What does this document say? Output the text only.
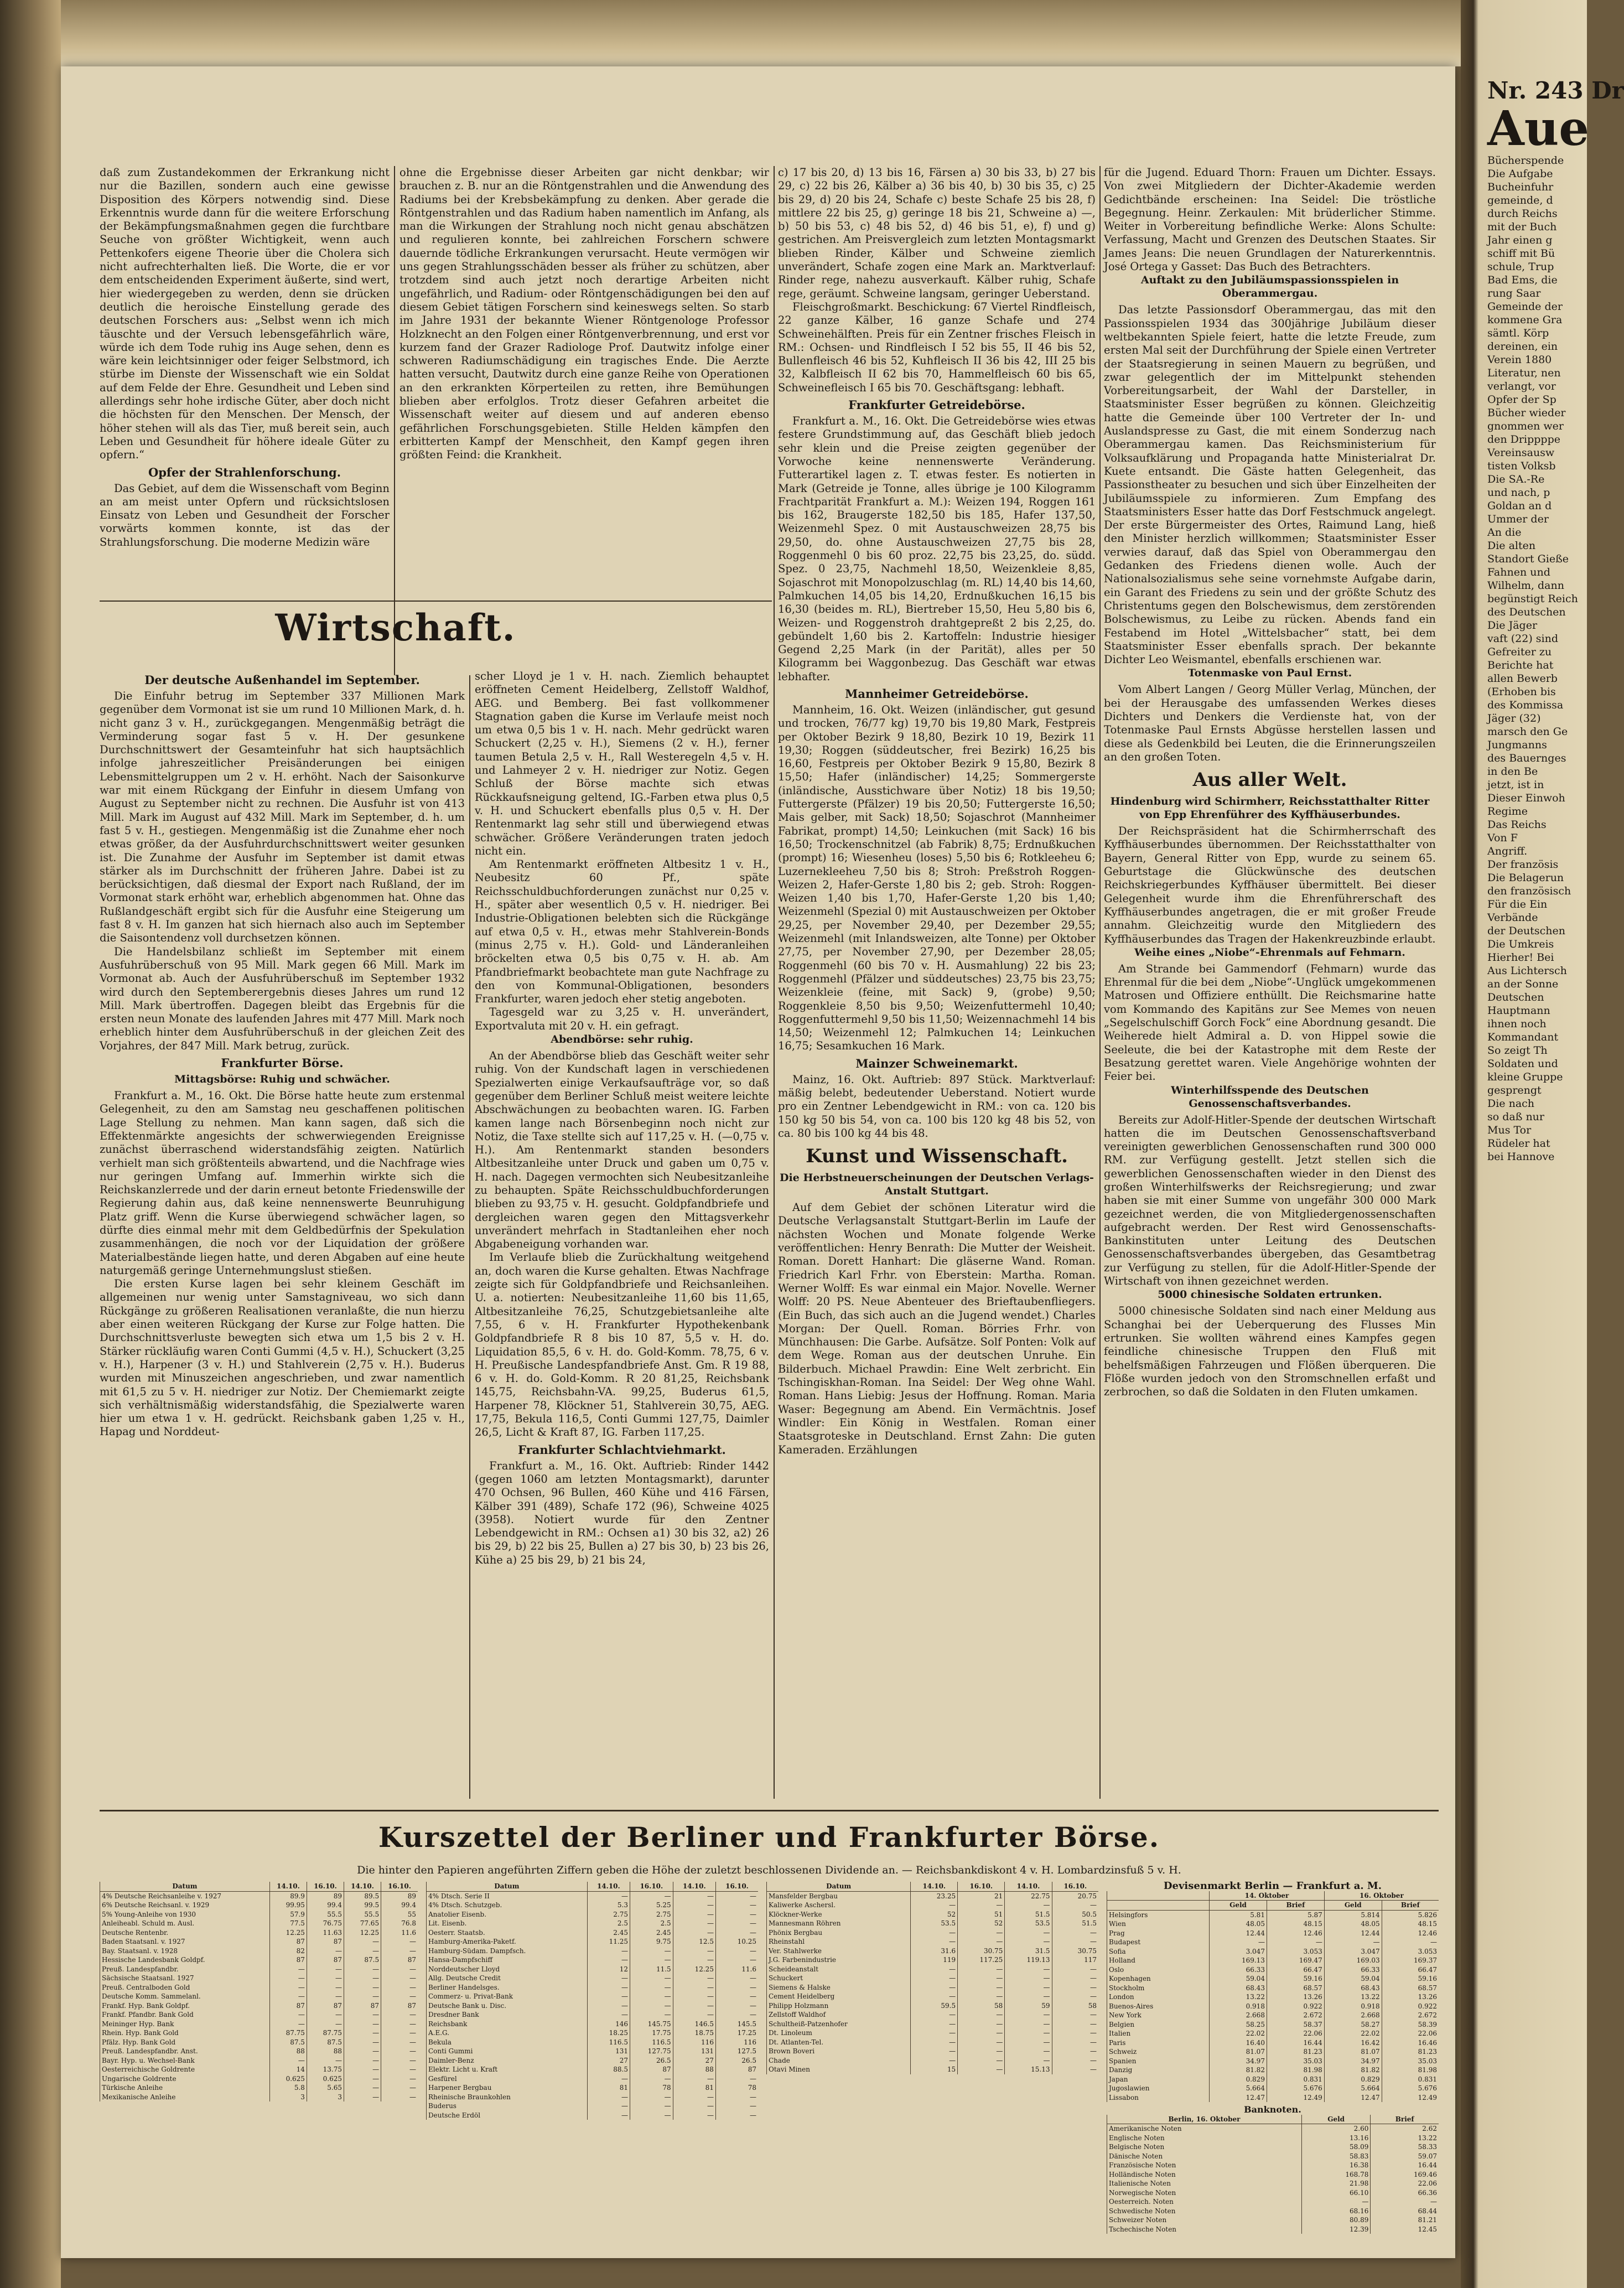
daß zum Zustandekommen der Erkrankung nicht nur die Bazillen, sondern auch eine gewisse Disposition des Körpers notwendig sind. Diese Erkenntnis wurde dann für die weitere Erforschung der Bekämpfungsmaßnahmen gegen die furchtbare Seuche von größter Wichtigkeit, wenn auch Pettenkofers eigene Theorie über die Cholera sich nicht aufrechterhalten ließ. Die Worte, die er vor dem entscheidenden Experiment äußerte, sind wert, hier wiedergegeben zu werden, denn sie drücken deutlich die heroische Einstellung gerade des deutschen Forschers aus: „Selbst wenn ich mich täuschte und der Versuch lebensgefährlich wäre, würde ich dem Tode ruhig ins Auge sehen, denn es wäre kein leichtsinniger oder feiger Selbstmord, ich stürbe im Dienste der Wissenschaft wie ein Soldat auf dem Felde der Ehre. Gesundheit und Leben sind allerdings sehr hohe irdische Güter, aber doch nicht die höchsten für den Menschen. Der Mensch, der höher stehen will als das Tier, muß bereit sein, auch Leben und Gesundheit für höhere ideale Güter zu opfern.“

Opfer der Strahlenforschung.

Das Gebiet, auf dem die Wissenschaft vom Beginn an am meist unter Opfern und rücksichtslosen Einsatz von Leben und Gesundheit der Forscher vorwärts kommen konnte, ist das der Strahlungsforschung. Die moderne Medizin wäre

ohne die Ergebnisse dieser Arbeiten gar nicht denkbar; wir brauchen z. B. nur an die Röntgenstrahlen und die Anwendung des Radiums bei der Krebsbekämpfung zu denken. Aber gerade die Röntgenstrahlen und das Radium haben namentlich im Anfang, als man die Wirkungen der Strahlung noch nicht genau abschätzen und regulieren konnte, bei zahlreichen Forschern schwere dauernde tödliche Erkrankungen verursacht. Heute vermögen wir uns gegen Strahlungsschäden besser als früher zu schützen, aber trotzdem sind auch jetzt noch derartige Arbeiten nicht ungefährlich, und Radium- oder Röntgenschädigungen bei den auf diesem Gebiet tätigen Forschern sind keineswegs selten. So starb im Jahre 1931 der bekannte Wiener Röntgenologe Professor Holzknecht an den Folgen einer Röntgenverbrennung, und erst vor kurzem fand der Grazer Radiologe Prof. Dautwitz infolge einer schweren Radiumschädigung ein tragisches Ende. Die Aerzte hatten versucht, Dautwitz durch eine ganze Reihe von Operationen an den erkrankten Körperteilen zu retten, ihre Bemühungen blieben aber erfolglos. Trotz dieser Gefahren arbeitet die Wissenschaft weiter auf diesem und auf anderen ebenso gefährlichen Forschungsgebieten. Stille Helden kämpfen den erbitterten Kampf der Menschheit, den Kampf gegen ihren größten Feind: die Krankheit.

Wirtschaft.
Der deutsche Außenhandel im September.

Die Einfuhr betrug im September 337 Millionen Mark gegenüber dem Vormonat ist sie um rund 10 Millionen Mark, d. h. nicht ganz 3 v. H., zurückgegangen. Mengenmäßig beträgt die Verminderung sogar fast 5 v. H. Der gesunkene Durchschnittswert der Gesamteinfuhr hat sich hauptsächlich infolge jahreszeitlicher Preisänderungen bei einigen Lebensmittelgruppen um 2 v. H. erhöht. Nach der Saisonkurve war mit einem Rückgang der Einfuhr in diesem Umfang von August zu September nicht zu rechnen. Die Ausfuhr ist von 413 Mill. Mark im August auf 432 Mill. Mark im September, d. h. um fast 5 v. H., gestiegen. Mengenmäßig ist die Zunahme eher noch etwas größer, da der Ausfuhrdurchschnittswert weiter gesunken ist. Die Zunahme der Ausfuhr im September ist damit etwas stärker als im Durchschnitt der früheren Jahre. Dabei ist zu berücksichtigen, daß diesmal der Export nach Rußland, der im Vormonat stark erhöht war, erheblich abgenommen hat. Ohne das Rußlandgeschäft ergibt sich für die Ausfuhr eine Steigerung um fast 8 v. H. Im ganzen hat sich hiernach also auch im September die Saisontendenz voll durchsetzen können.

Die Handelsbilanz schließt im September mit einem Ausfuhrüberschuß von 95 Mill. Mark gegen 66 Mill. Mark im Vormonat ab. Auch der Ausfuhrüberschuß im September 1932 wird durch den Septemberergebnis dieses Jahres um rund 12 Mill. Mark übertroffen. Dagegen bleibt das Ergebnis für die ersten neun Monate des laufenden Jahres mit 477 Mill. Mark noch erheblich hinter dem Ausfuhrüberschuß in der gleichen Zeit des Vorjahres, der 847 Mill. Mark betrug, zurück.

Frankfurter Börse.
Mittagsbörse: Ruhig und schwächer.

Frankfurt a. M., 16. Okt. Die Börse hatte heute zum erstenmal Gelegenheit, zu den am Samstag neu geschaffenen politischen Lage Stellung zu nehmen. Man kann sagen, daß sich die Effektenmärkte angesichts der schwerwiegenden Ereignisse zunächst überraschend widerstandsfähig zeigten. Natürlich verhielt man sich größtenteils abwartend, und die Nachfrage wies nur geringen Umfang auf. Immerhin wirkte sich die Reichskanzlerrede und der darin erneut betonte Friedenswille der Regierung dahin aus, daß keine nennenswerte Beunruhigung Platz griff. Wenn die Kurse überwiegend schwächer lagen, so dürfte dies einmal mehr mit dem Geldbedürfnis der Spekulation zusammenhängen, die noch vor der Liquidation der größere Materialbestände liegen hatte, und deren Abgaben auf eine heute naturgemäß geringe Unternehmungslust stießen.

Die ersten Kurse lagen bei sehr kleinem Geschäft im allgemeinen nur wenig unter Samstagniveau, wo sich dann Rückgänge zu größeren Realisationen veranlaßte, die nun hierzu aber einen weiteren Rückgang der Kurse zur Folge hatten. Die Durchschnittsverluste bewegten sich etwa um 1,5 bis 2 v. H. Stärker rückläufig waren Conti Gummi (4,5 v. H.), Schuckert (3,25 v. H.), Harpener (3 v. H.) und Stahlverein (2,75 v. H.). Buderus wurden mit Minuszeichen angeschrieben, und zwar namentlich mit 61,5 zu 5 v. H. niedriger zur Notiz. Der Chemiemarkt zeigte sich verhältnismäßig widerstandsfähig, die Spezialwerte waren hier um etwa 1 v. H. gedrückt. Reichsbank gaben 1,25 v. H., Hapag und Norddeut-

scher Lloyd je 1 v. H. nach. Ziemlich behauptet eröffneten Cement Heidelberg, Zellstoff Waldhof, AEG. und Bemberg. Bei fast vollkommener Stagnation gaben die Kurse im Verlaufe meist noch um etwa 0,5 bis 1 v. H. nach. Mehr gedrückt waren Schuckert (2,25 v. H.), Siemens (2 v. H.), ferner taumen Betula 2,5 v. H., Rall Westeregeln 4,5 v. H. und Lahmeyer 2 v. H. niedriger zur Notiz. Gegen Schluß der Börse machte sich etwas Rückkaufsneigung geltend, IG.-Farben etwa plus 0,5 v. H. und Schuckert ebenfalls plus 0,5 v. H. Der Rentenmarkt lag sehr still und überwiegend etwas schwächer. Größere Veränderungen traten jedoch nicht ein.

Am Rentenmarkt eröffneten Altbesitz 1 v. H., Neubesitz 60 Pf., späte Reichsschuldbuchforderungen zunächst nur 0,25 v. H., später aber wesentlich 0,5 v. H. niedriger. Bei Industrie-Obligationen belebten sich die Rückgänge auf etwa 0,5 v. H., etwas mehr Stahlverein-Bonds (minus 2,75 v. H.). Gold- und Länderanleihen bröckelten etwa 0,5 bis 0,75 v. H. ab. Am Pfandbriefmarkt beobachtete man gute Nachfrage zu den von Kommunal-Obligationen, besonders Frankfurter, waren jedoch eher stetig angeboten.

Tagesgeld war zu 3,25 v. H. unverändert, Exportvaluta mit 20 v. H. ein gefragt.

Abendbörse: sehr ruhig.

An der Abendbörse blieb das Geschäft weiter sehr ruhig. Von der Kundschaft lagen in verschiedenen Spezialwerten einige Verkaufsaufträge vor, so daß gegenüber dem Berliner Schluß meist weitere leichte Abschwächungen zu beobachten waren. IG. Farben kamen lange nach Börsenbeginn noch nicht zur Notiz, die Taxe stellte sich auf 117,25 v. H. (—0,75 v. H.). Am Rentenmarkt standen besonders Altbesitzanleihe unter Druck und gaben um 0,75 v. H. nach. Dagegen vermochten sich Neubesitzanleihe zu behaupten. Späte Reichsschuldbuchforderungen blieben zu 93,75 v. H. gesucht. Goldpfandbriefe und dergleichen waren gegen den Mittagsverkehr unverändert mehrfach in Stadtanleihen eher noch Abgabeneigung vorhanden war.

Im Verlaufe blieb die Zurückhaltung weitgehend an, doch waren die Kurse gehalten. Etwas Nachfrage zeigte sich für Goldpfandbriefe und Reichsanleihen. U. a. notierten: Neubesitzanleihe 11,60 bis 11,65, Altbesitzanleihe 76,25, Schutzgebietsanleihe alte 7,55, 6 v. H. Frankfurter Hypothekenbank Goldpfandbriefe R 8 bis 10 87, 5,5 v. H. do. Liquidation 85,5, 6 v. H. do. Gold-Komm. 78,75, 6 v. H. Preußische Landespfandbriefe Anst. Gm. R 19 88, 6 v. H. do. Gold-Komm. R 20 81,25, Reichsbank 145,75, Reichsbahn-VA. 99,25, Buderus 61,5, Harpener 78, Klöckner 51, Stahlverein 30,75, AEG. 17,75, Bekula 116,5, Conti Gummi 127,75, Daimler 26,5, Licht & Kraft 87, IG. Farben 117,25.

Frankfurter Schlachtviehmarkt.

Frankfurt a. M., 16. Okt. Auftrieb: Rinder 1442 (gegen 1060 am letzten Montagsmarkt), darunter 470 Ochsen, 96 Bullen, 460 Kühe und 416 Färsen, Kälber 391 (489), Schafe 172 (96), Schweine 4025 (3958). Notiert wurde für den Zentner Lebendgewicht in RM.: Ochsen a1) 30 bis 32, a2) 26 bis 29, b) 22 bis 25, Bullen a) 27 bis 30, b) 23 bis 26, Kühe a) 25 bis 29, b) 21 bis 24,

c) 17 bis 20, d) 13 bis 16, Färsen a) 30 bis 33, b) 27 bis 29, c) 22 bis 26, Kälber a) 36 bis 40, b) 30 bis 35, c) 25 bis 29, d) 20 bis 24, Schafe c) beste Schafe 25 bis 28, f) mittlere 22 bis 25, g) geringe 18 bis 21, Schweine a) —, b) 50 bis 53, c) 48 bis 52, d) 46 bis 51, e), f) und g) gestrichen. Am Preisvergleich zum letzten Montagsmarkt blieben Rinder, Kälber und Schweine ziemlich unverändert, Schafe zogen eine Mark an. Marktverlauf: Rinder rege, nahezu ausverkauft. Kälber ruhig, Schafe rege, geräumt. Schweine langsam, geringer Ueberstand.

Fleischgroßmarkt. Beschickung: 67 Viertel Rindfleisch, 22 ganze Kälber, 16 ganze Schafe und 274 Schweinehälften. Preis für ein Zentner frisches Fleisch in RM.: Ochsen- und Rindfleisch I 52 bis 55, II 46 bis 52, Bullenfleisch 46 bis 52, Kuhfleisch II 36 bis 42, III 25 bis 32, Kalbfleisch II 62 bis 70, Hammelfleisch 60 bis 65, Schweinefleisch I 65 bis 70. Geschäftsgang: lebhaft.

Frankfurter Getreidebörse.

Frankfurt a. M., 16. Okt. Die Getreidebörse wies etwas festere Grundstimmung auf, das Geschäft blieb jedoch sehr klein und die Preise zeigten gegenüber der Vorwoche keine nennenswerte Veränderung. Futterartikel lagen z. T. etwas fester. Es notierten in Mark (Getreide je Tonne, alles übrige je 100 Kilogramm Frachtparität Frankfurt a. M.): Weizen 194, Roggen 161 bis 162, Braugerste 182,50 bis 185, Hafer 137,50, Weizenmehl Spez. 0 mit Austauschweizen 28,75 bis 29,50, do. ohne Austauschweizen 27,75 bis 28, Roggenmehl 0 bis 60 proz. 22,75 bis 23,25, do. südd. Spez. 0 23,75, Nachmehl 18,50, Weizenkleie 8,85, Sojaschrot mit Monopolzuschlag (m. RL) 14,40 bis 14,60, Palmkuchen 14,05 bis 14,20, Erdnußkuchen 16,15 bis 16,30 (beides m. RL), Biertreber 15,50, Heu 5,80 bis 6, Weizen- und Roggenstroh drahtgepreßt 2 bis 2,25, do. gebündelt 1,60 bis 2. Kartoffeln: Industrie hiesiger Gegend 2,25 Mark (in der Parität), alles per 50 Kilogramm bei Waggonbezug. Das Geschäft war etwas lebhafter.

Mannheimer Getreidebörse.

Mannheim, 16. Okt. Weizen (inländischer, gut gesund und trocken, 76/77 kg) 19,70 bis 19,80 Mark, Festpreis per Oktober Bezirk 9 18,80, Bezirk 10 19, Bezirk 11 19,30; Roggen (süddeutscher, frei Bezirk) 16,25 bis 16,60, Festpreis per Oktober Bezirk 9 15,80, Bezirk 8 15,50; Hafer (inländischer) 14,25; Sommergerste (inländische, Ausstichware über Notiz) 18 bis 19,50; Futtergerste (Pfälzer) 19 bis 20,50; Futtergerste 16,50; Mais gelber, mit Sack) 18,50; Sojaschrot (Mannheimer Fabrikat, prompt) 14,50; Leinkuchen (mit Sack) 16 bis 16,50; Trockenschnitzel (ab Fabrik) 8,75; Erdnußkuchen (prompt) 16; Wiesenheu (loses) 5,50 bis 6; Rotkleeheu 6; Luzernekleeheu 7,50 bis 8; Stroh: Preßstroh Roggen-Weizen 2, Hafer-Gerste 1,80 bis 2; geb. Stroh: Roggen-Weizen 1,40 bis 1,70, Hafer-Gerste 1,20 bis 1,40; Weizenmehl (Spezial 0) mit Austauschweizen per Oktober 29,25, per November 29,40, per Dezember 29,55; Weizenmehl (mit Inlandsweizen, alte Tonne) per Oktober 27,75, per November 27,90, per Dezember 28,05; Roggenmehl (60 bis 70 v. H. Ausmahlung) 22 bis 23; Roggenmehl (Pfälzer und süddeutsches) 23,75 bis 23,75; Weizenkleie (feine, mit Sack) 9, (grobe) 9,50; Roggenkleie 8,50 bis 9,50; Weizenfuttermehl 10,40; Roggenfuttermehl 9,50 bis 11,50; Weizennachmehl 14 bis 14,50; Weizenmehl 12; Palmkuchen 14; Leinkuchen 16,75; Sesamkuchen 16 Mark.

Mainzer Schweinemarkt.

Mainz, 16. Okt. Auftrieb: 897 Stück. Marktverlauf: mäßig belebt, bedeutender Ueberstand. Notiert wurde pro ein Zentner Lebendgewicht in RM.: von ca. 120 bis 150 kg 50 bis 54, von ca. 100 bis 120 kg 48 bis 52, von ca. 80 bis 100 kg 44 bis 48.

Kunst und Wissenschaft.
Die Herbstneuerscheinungen der Deutschen Verlags-Anstalt Stuttgart.

Auf dem Gebiet der schönen Literatur wird die Deutsche Verlagsanstalt Stuttgart-Berlin im Laufe der nächsten Wochen und Monate folgende Werke veröffentlichen: Henry Benrath: Die Mutter der Weisheit. Roman. Dorett Hanhart: Die gläserne Wand. Roman. Friedrich Karl Frhr. von Eberstein: Martha. Roman. Werner Wolff: Es war einmal ein Major. Novelle. Werner Wolff: 20 PS. Neue Abenteuer des Brieftaubenfliegers. (Ein Buch, das sich auch an die Jugend wendet.) Charles Morgan: Der Quell. Roman. Börries Frhr. von Münchhausen: Die Garbe. Aufsätze. Solf Ponten: Volk auf dem Wege. Roman aus der deutschen Unruhe. Ein Bilderbuch. Michael Prawdin: Eine Welt zerbricht. Ein Tschingiskhan-Roman. Ina Seidel: Der Weg ohne Wahl. Roman. Hans Liebig: Jesus der Hoffnung. Roman. Maria Waser: Begegnung am Abend. Ein Vermächtnis. Josef Windler: Ein König in Westfalen. Roman einer Staatsgroteske in Deutschland. Ernst Zahn: Die guten Kameraden. Erzählungen

für die Jugend. Eduard Thorn: Frauen um Dichter. Essays. Von zwei Mitgliedern der Dichter-Akademie werden Gedichtbände erscheinen: Ina Seidel: Die tröstliche Begegnung. Heinr. Zerkaulen: Mit brüderlicher Stimme. Weiter in Vorbereitung befindliche Werke: Alons Schulte: Verfassung, Macht und Grenzen des Deutschen Staates. Sir James Jeans: Die neuen Grundlagen der Naturerkenntnis. José Ortega y Gasset: Das Buch des Betrachters.

Auftakt zu den Jubiläumspassionsspielen in Oberammergau.

Das letzte Passionsdorf Oberammergau, das mit den Passionsspielen 1934 das 300jährige Jubiläum dieser weltbekannten Spiele feiert, hatte die letzte Freude, zum ersten Mal seit der Durchführung der Spiele einen Vertreter der Staatsregierung in seinen Mauern zu begrüßen, und zwar gelegentlich der im Mittelpunkt stehenden Vorbereitungsarbeit, der Wahl der Darsteller, in Staatsminister Esser begrüßen zu können. Gleichzeitig hatte die Gemeinde über 100 Vertreter der In- und Auslandspresse zu Gast, die mit einem Sonderzug nach Oberammergau kamen. Das Reichsministerium für Volksaufklärung und Propaganda hatte Ministerialrat Dr. Kuete entsandt. Die Gäste hatten Gelegenheit, das Passionstheater zu besuchen und sich über Einzelheiten der Jubiläumsspiele zu informieren. Zum Empfang des Staatsministers Esser hatte das Dorf Festschmuck angelegt. Der erste Bürgermeister des Ortes, Raimund Lang, hieß den Minister herzlich willkommen; Staatsminister Esser verwies darauf, daß das Spiel von Oberammergau den Gedanken des Friedens dienen wolle. Auch der Nationalsozialismus sehe seine vornehmste Aufgabe darin, ein Garant des Friedens zu sein und der größte Schutz des Christentums gegen den Bolschewismus, dem zerstörenden Bolschewismus, zu Leibe zu rücken. Abends fand ein Festabend im Hotel „Wittelsbacher“ statt, bei dem Staatsminister Esser ebenfalls sprach. Der bekannte Dichter Leo Weismantel, ebenfalls erschienen war.

Totenmaske von Paul Ernst.

Vom Albert Langen / Georg Müller Verlag, München, der bei der Herausgabe des umfassenden Werkes dieses Dichters und Denkers die Verdienste hat, von der Totenmaske Paul Ernsts Abgüsse herstellen lassen und diese als Gedenkbild bei Leuten, die die Erinnerungszeilen an den großen Toten.

Aus aller Welt.
Hindenburg wird Schirmherr, Reichsstatthalter Ritter von Epp Ehrenführer des Kyffhäuserbundes.

Der Reichspräsident hat die Schirmherrschaft des Kyffhäuserbundes übernommen. Der Reichsstatthalter von Bayern, General Ritter von Epp, wurde zu seinem 65. Geburtstage die Glückwünsche des deutschen Reichskriegerbundes Kyffhäuser übermittelt. Bei dieser Gelegenheit wurde ihm die Ehrenführerschaft des Kyffhäuserbundes angetragen, die er mit großer Freude annahm. Gleichzeitig wurde den Mitgliedern des Kyffhäuserbundes das Tragen der Hakenkreuzbinde erlaubt.

Weihe eines „Niobe“-Ehrenmals auf Fehmarn.

Am Strande bei Gammendorf (Fehmarn) wurde das Ehrenmal für die bei dem „Niobe“-Unglück umgekommenen Matrosen und Offiziere enthüllt. Die Reichsmarine hatte vom Kommando des Kapitäns zur See Memes von neuen „Segelschulschiff Gorch Fock“ eine Abordnung gesandt. Die Weiherede hielt Admiral a. D. von Hippel sowie die Seeleute, die bei der Katastrophe mit dem Reste der Besatzung gerettet waren. Viele Angehörige wohnten der Feier bei.

Winterhilfsspende des Deutschen Genossenschaftsverbandes.

Bereits zur Adolf-Hitler-Spende der deutschen Wirtschaft hatten die im Deutschen Genossenschaftsverband vereinigten gewerblichen Genossenschaften rund 300 000 RM. zur Verfügung gestellt. Jetzt stellen sich die gewerblichen Genossenschaften wieder in den Dienst des großen Winterhilfswerks der Reichsregierung; und zwar haben sie mit einer Summe von ungefähr 300 000 Mark gezeichnet werden, die von Mitgliedergenossenschaften aufgebracht werden. Der Rest wird Genossenschafts-Bankinstituten unter Leitung des Deutschen Genossenschaftsverbandes übergeben, das Gesamtbetrag zur Verfügung zu stellen, für die Adolf-Hitler-Spende der Wirtschaft von ihnen gezeichnet werden.

5000 chinesische Soldaten ertrunken.

5000 chinesische Soldaten sind nach einer Meldung aus Schanghai bei der Ueberquerung des Flusses Min ertrunken. Sie wollten während eines Kampfes gegen feindliche chinesische Truppen den Fluß mit behelfsmäßigen Fahrzeugen und Flößen überqueren. Die Flöße wurden jedoch von den Stromschnellen erfaßt und zerbrochen, so daß die Soldaten in den Fluten umkamen.

Kurszettel der Berliner und Frankfurter Börse.
Die hinter den Papieren angeführten Ziffern geben die Höhe der zuletzt beschlossenen Dividende an. — Reichsbankdiskont 4 v. H. Lombardzinsfuß 5 v. H.
Datum	14.10.	16.10.	14.10.	16.10.
4% Deutsche Reichsanleihe v. 1927	89.9	89	89.5	89
6% Deutsche Reichsanl. v. 1929	99.95	99.4	99.5	99.4
5% Young-Anleihe von 1930	57.9	55.5	55.5	55
Anleiheabl. Schuld m. Ausl.	77.5	76.75	77.65	76.8
Deutsche Rentenbr.	12.25	11.63	12.25	11.6
Baden Staatsanl. v. 1927	87	87	—	—
Bay. Staatsanl. v. 1928	82	—	—	—
Hessische Landesbank Goldpf.	87	87	87.5	87
Preuß. Landespfandbr.	—	—	—	—
Sächsische Staatsanl. 1927	—	—	—	—
Preuß. Centralboden Gold	—	—	—	—
Deutsche Komm. Sammelanl.	—	—	—	—
Frankf. Hyp. Bank Goldpf.	87	87	87	87
Frankf. Pfandbr. Bank Gold	—	—	—	—
Meininger Hyp. Bank	—	—	—	—
Rhein. Hyp. Bank Gold	87.75	87.75	—	—
Pfälz. Hyp. Bank Gold	87.5	87.5	—	—
Preuß. Landespfandbr. Anst.	88	88	—	—
Bayr. Hyp. u. Wechsel-Bank	—	—	—	—
Oesterreichische Goldrente	14	13.75	—	—
Ungarische Goldrente	0.625	0.625	—	—
Türkische Anleihe	5.8	5.65	—	—
Mexikanische Anleihe	3	3	—	—
Datum	14.10.	16.10.	14.10.	16.10.
4% Dtsch. Serie II	—	—	—	—
4% Dtsch. Schutzgeb.	5.3	5.25	—	—
Anatolier Eisenb.	2.75	2.75	—	—
Lit. Eisenb.	2.5	2.5	—	—
Oesterr. Staatsb.	2.45	2.45	—	—
Hamburg-Amerika-Paketf.	11.25	9.75	12.5	10.25
Hamburg-Südam. Dampfsch.	—	—	—	—
Hansa-Dampfschiff	—	—	—	—
Norddeutscher Lloyd	12	11.5	12.25	11.6
Allg. Deutsche Credit	—	—	—	—
Berliner Handelsges.	—	—	—	—
Commerz- u. Privat-Bank	—	—	—	—
Deutsche Bank u. Disc.	—	—	—	—
Dresdner Bank	—	—	—	—
Reichsbank	146	145.75	146.5	145.5
A.E.G.	18.25	17.75	18.75	17.25
Bekula	116.5	116.5	116	116
Conti Gummi	131	127.75	131	127.5
Daimler-Benz	27	26.5	27	26.5
Elektr. Licht u. Kraft	88.5	87	88	87
Gesfürel	—	—	—	—
Harpener Bergbau	81	78	81	78
Rheinische Braunkohlen	—	—	—	—
Buderus	—	—	—	—
Deutsche Erdöl	—	—	—	—
Datum	14.10.	16.10.	14.10.	16.10.
Mansfelder Bergbau	23.25	21	22.75	20.75
Kaliwerke Aschersl.	—	—	—	—
Klöckner-Werke	52	51	51.5	50.5
Mannesmann Röhren	53.5	52	53.5	51.5
Phönix Bergbau	—	—	—	—
Rheinstahl	—	—	—	—
Ver. Stahlwerke	31.6	30.75	31.5	30.75
J.G. Farbenindustrie	119	117.25	119.13	117
Scheideanstalt	—	—	—	—
Schuckert	—	—	—	—
Siemens & Halske	—	—	—	—
Cement Heidelberg	—	—	—	—
Philipp Holzmann	59.5	58	59	58
Zellstoff Waldhof	—	—	—	—
Schultheiß-Patzenhofer	—	—	—	—
Dt. Linoleum	—	—	—	—
Dt. Atlanten-Tel.	—	—	—	—
Brown Boveri	—	—	—	—
Chade	—	—	—	—
Otavi Minen	15	—	15.13	—
Devisenmarkt Berlin — Frankfurt a. M.
	14. Oktober		16. Oktober	
	Geld	Brief	Geld	Brief
Helsingfors	5.81	5.87	5.814	5.826
Wien	48.05	48.15	48.05	48.15
Prag	12.44	12.46	12.44	12.46
Budapest	—	—	—	—
Sofia	3.047	3.053	3.047	3.053
Holland	169.13	169.47	169.03	169.37
Oslo	66.33	66.47	66.33	66.47
Kopenhagen	59.04	59.16	59.04	59.16
Stockholm	68.43	68.57	68.43	68.57
London	13.22	13.26	13.22	13.26
Buenos-Aires	0.918	0.922	0.918	0.922
New York	2.668	2.672	2.668	2.672
Belgien	58.25	58.37	58.27	58.39
Italien	22.02	22.06	22.02	22.06
Paris	16.40	16.44	16.42	16.46
Schweiz	81.07	81.23	81.07	81.23
Spanien	34.97	35.03	34.97	35.03
Danzig	81.82	81.98	81.82	81.98
Japan	0.829	0.831	0.829	0.831
Jugoslawien	5.664	5.676	5.664	5.676
Lissabon	12.47	12.49	12.47	12.49
Banknoten.
Berlin, 16. Oktober	Geld	Brief
Amerikanische Noten	2.60	2.62
Englische Noten	13.16	13.22
Belgische Noten	58.09	58.33
Dänische Noten	58.83	59.07
Französische Noten	16.38	16.44
Holländische Noten	168.78	169.46
Italienische Noten	21.98	22.06
Norwegische Noten	66.10	66.36
Oesterreich. Noten	—	—
Schwedische Noten	68.16	68.44
Schweizer Noten	80.89	81.21
Tschechische Noten	12.39	12.45
Nr. 243 Dr
Aue
Bücherspende
Die Aufgabe
Bucheinfuhr
gemeinde, d
durch Reichs
mit der Buch
Jahr einen g
schiff mit Bü
schule, Trup
Bad Ems, die
rung Saar
Gemeinde der
kommene Gra
sämtl. Körp
dereinen, ein
Verein 1880
Literatur, nen
verlangt, vor
Opfer der Sp
Bücher wieder
gnommen wer
den Drippppe
Vereinsausw
tisten Volksb
Die SA.-Re
und nach, p
Goldan an d
Ummer der
An die
Die alten
Standort Gieße
Fahnen und
Wilhelm, dann
begünstigt Reich
des Deutschen
Die Jäger
vaft (22) sind
Gefreiter zu
Berichte hat
allen Bewerb
(Erhoben bis
des Kommissa
Jäger (32)
marsch den Ge
Jungmanns
des Bauernges
in den Be
jetzt, ist in
Dieser Einwoh
Regime
Das Reichs
Von F
Angriff.
Der französis
Die Belagerun
den französisch
Für die Ein
Verbände
der Deutschen
Die Umkreis
Hierher! Bei
Aus Lichtersch
an der Sonne
Deutschen
Hauptmann
ihnen noch
Kommandant
So zeigt Th
Soldaten und
kleine Gruppe
gesprengt
Die nach
so daß nur
Mus Tor
Rüdeler hat
bei Hannove
